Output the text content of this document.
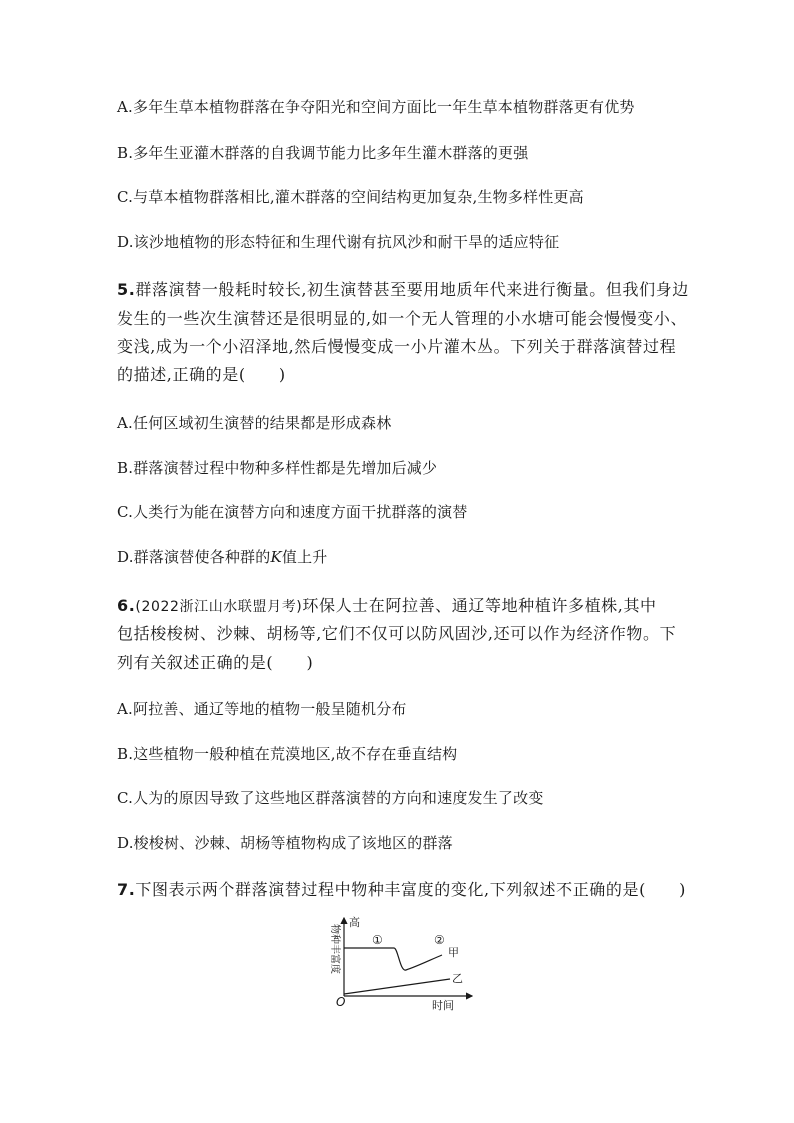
A.多年生草本植物群落在争夺阳光和空间方面比一年生草本植物群落更有优势
B.多年生亚灌木群落的自我调节能力比多年生灌木群落的更强
C.与草本植物群落相比,灌木群落的空间结构更加复杂,生物多样性更高
D.该沙地植物的形态特征和生理代谢有抗风沙和耐干旱的适应特征
5.群落演替一般耗时较长,初生演替甚至要用地质年代来进行衡量。但我们身边
发生的一些次生演替还是很明显的,如一个无人管理的小水塘可能会慢慢变小、
变浅,成为一个小沼泽地,然后慢慢变成一小片灌木丛。下列关于群落演替过程
的描述,正确的是(　　)
A.任何区域初生演替的结果都是形成森林
B.群落演替过程中物种多样性都是先增加后减少
C.人类行为能在演替方向和速度方面干扰群落的演替
D.群落演替使各种群的K值上升
6.(2022浙江山水联盟月考)环保人士在阿拉善、通辽等地种植许多植株,其中
包括梭梭树、沙棘、胡杨等,它们不仅可以防风固沙,还可以作为经济作物。下
列有关叙述正确的是(　　)
A.阿拉善、通辽等地的植物一般呈随机分布
B.这些植物一般种植在荒漠地区,故不存在垂直结构
C.人为的原因导致了这些地区群落演替的方向和速度发生了改变
D.梭梭树、沙棘、胡杨等植物构成了该地区的群落
7.下图表示两个群落演替过程中物种丰富度的变化,下列叙述不正确的是(　　)
物种丰富度
高
O	时间
①	②
甲
乙
